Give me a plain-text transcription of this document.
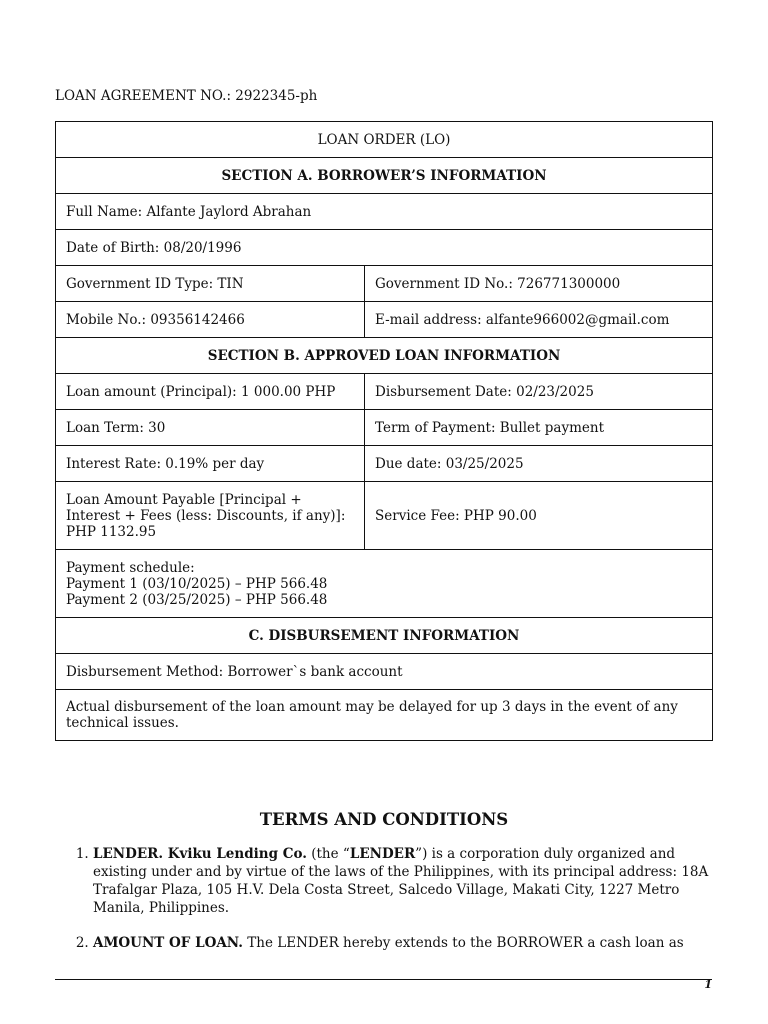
LOAN AGREEMENT NO.: 2922345-ph
LOAN ORDER (LO)	
SECTION A. BORROWER’S INFORMATION	
Full Name: Alfante Jaylord Abrahan	
Date of Birth: 08/20/1996	
Government ID Type: TIN	Government ID No.: 726771300000
Mobile No.: 09356142466	E-mail address: alfante966002@gmail.com
SECTION B. APPROVED LOAN INFORMATION	
Loan amount (Principal): 1 000.00 PHP	Disbursement Date: 02/23/2025
Loan Term: 30	Term of Payment: Bullet payment
Interest Rate: 0.19% per day	Due date: 03/25/2025
Loan Amount Payable [Principal + Interest + Fees (less: Discounts, if any)]: PHP 1132.95	Service Fee: PHP 90.00

Payment schedule:
Payment 1 (03/10/2025) – PHP 566.48
Payment 2 (03/25/2025) – PHP 566.48	

C. DISBURSEMENT INFORMATION	
Disbursement Method: Borrower`s bank account	
Actual disbursement of the loan amount may be delayed for up 3 days in the event of any technical issues.	
TERMS AND CONDITIONS
1. LENDER. Kviku Lending Co. (the “LENDER”) is a corporation duly organized and existing under and by virtue of the laws of the Philippines, with its principal address: 18A Trafalgar Plaza, 105 H.V. Dela Costa Street, Salcedo Village, Makati City, 1227 Metro Manila, Philippines.
2. AMOUNT OF LOAN. The LENDER hereby extends to the BORROWER a cash loan as
1
